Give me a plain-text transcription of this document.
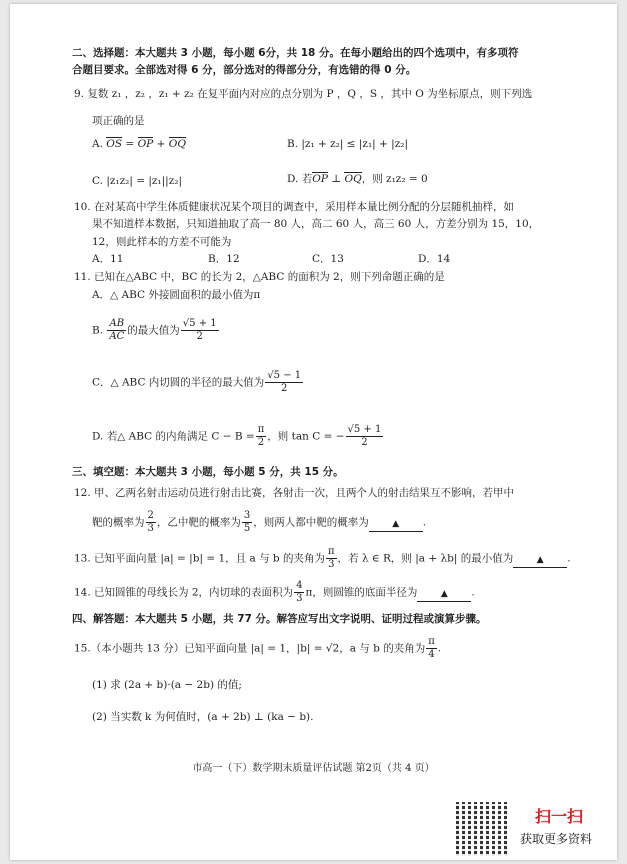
二、选择题：本大题共 3 小题，每小题 6分，共 18 分。在每小题给出的四个选项中，有多项符
合题目要求。全部选对得 6 分，部分选对的得部分分，有选错的得 0 分。
9. 复数 z₁ ，z₂ ，z₁ + z₂ 在复平面内对应的点分别为 P ，Q ，S ，其中 O 为坐标原点，则下列选
项正确的是
A. OS = OP + OQ	B. |z₁ + z₂| ≤ |z₁| + |z₂|
C. |z₁z₂| = |z₁||z₂|	D. 若OP ⊥ OQ，则 z₁z₂ = 0
10. 在对某高中学生体质健康状况某个项目的调查中，采用样本量比例分配的分层随机抽样，如
果不知道样本数据，只知道抽取了高一 80 人，高二 60 人，高三 60 人，方差分别为 15，10，
12，则此样本的方差不可能为
A．11	B．12	C．13	D．14
11. 已知在△ABC 中，BC 的长为 2，△ABC 的面积为 2，则下列命题正确的是
A．△ ABC 外接圆面积的最小值为π
B. $\frac{AB}{AC}$ 的最大值为 $\frac{√5 + 1}{2}$
C．△ ABC 内切圆的半径的最大值为 $\frac{√5 - 1}{2}$
D. 若△ ABC 的内角满足 $C - B = \frac{\pi}{2}$ ，则 tan C = − $\frac{√5 + 1}{2}$
三、填空题：本大题共 3 小题，每小题 5 分，共 15 分。
12. 甲、乙两名射击运动员进行射击比赛，各射击一次，且两个人的射击结果互不影响，若甲中
靶的概率为 $\frac{2}{3}$ ，乙中靶的概率为 $\frac{3}{5}$ ，则两人都中靶的概率为	▲ .
13. 已知平面向量 |a| = |b| = 1，且 a 与 b 的夹角为 $\frac{\pi}{3}$ ，若 λ ∈ R，则 |a + λb| 的最小值为	▲ .
14. 已知圆锥的母线长为 2，内切球的表面积为 $\frac{4}{3}$ π，则圆锥的底面半径为	▲ .
四、解答题：本大题共 5 小题，共 77 分。解答应写出文字说明、证明过程或演算步骤。
15.（本小题共 13 分）已知平面向量 |a| = 1，|b| = √2，a 与 b 的夹角为 $\frac{\pi}{4}$ .
(1) 求 (2a + b)·(a − 2b) 的值;
(2) 当实数 k 为何值时，(a + 2b) ⊥ (ka − b).
市高一（下）数学期末质量评估试题 第2页（共 4 页）
扫一扫
获取更多资料
